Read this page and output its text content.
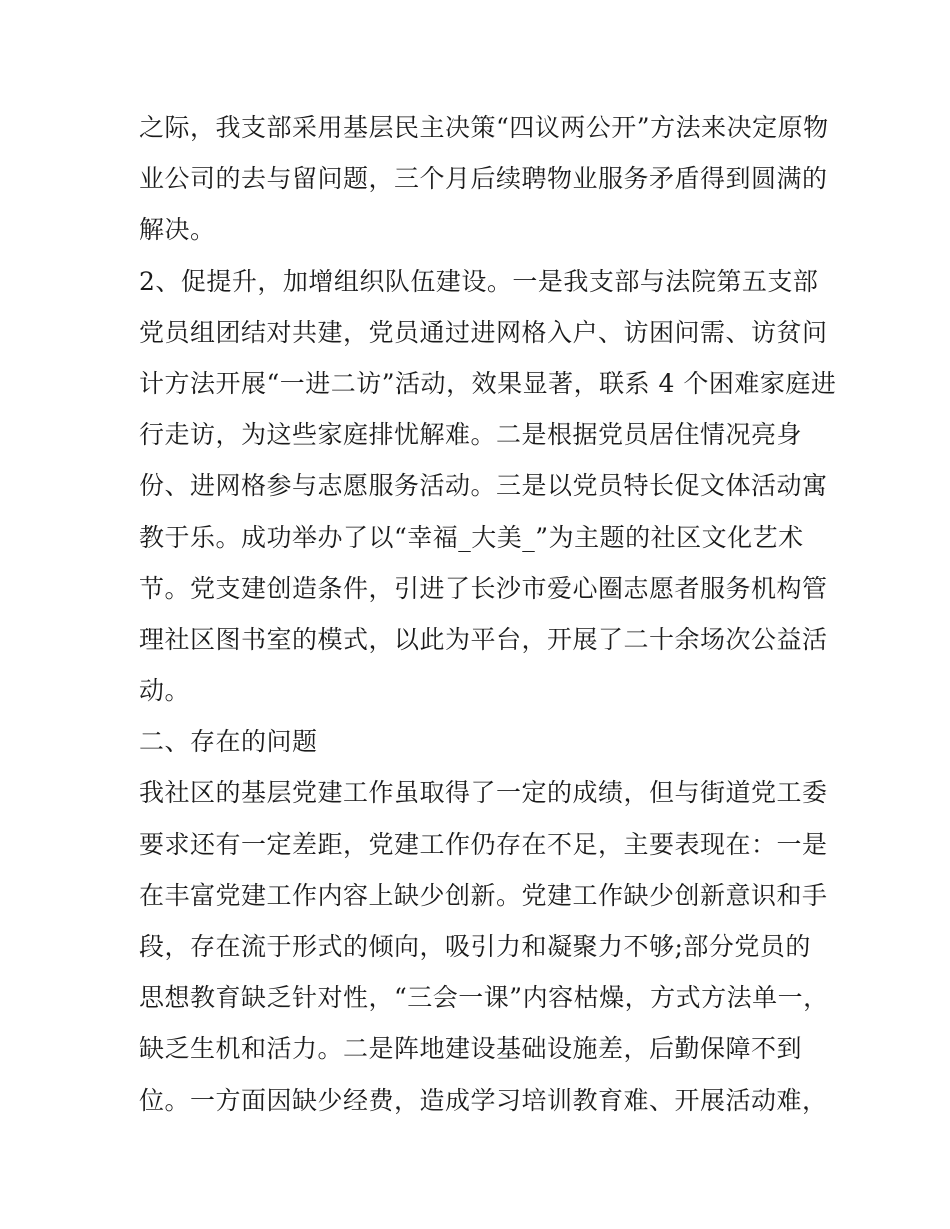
之际，我支部采用基层民主决策“四议两公开”方法来决定原物
业公司的去与留问题，三个月后续聘物业服务矛盾得到圆满的
解决。
2、促提升，加增组织队伍建设。一是我支部与法院第五支部
党员组团结对共建，党员通过进网格入户、访困问需、访贫问
计方法开展“一进二访”活动，效果显著，联系 4 个困难家庭进
行走访，为这些家庭排忧解难。二是根据党员居住情况亮身
份、进网格参与志愿服务活动。三是以党员特长促文体活动寓
教于乐。成功举办了以“幸福_大美_”为主题的社区文化艺术
节。党支建创造条件，引进了长沙市爱心圈志愿者服务机构管
理社区图书室的模式，以此为平台，开展了二十余场次公益活
动。
二、存在的问题
我社区的基层党建工作虽取得了一定的成绩，但与街道党工委
要求还有一定差距，党建工作仍存在不足，主要表现在：一是
在丰富党建工作内容上缺少创新。党建工作缺少创新意识和手
段，存在流于形式的倾向，吸引力和凝聚力不够;部分党员的
思想教育缺乏针对性，“三会一课”内容枯燥，方式方法单一，
缺乏生机和活力。二是阵地建设基础设施差，后勤保障不到
位。一方面因缺少经费，造成学习培训教育难、开展活动难，
